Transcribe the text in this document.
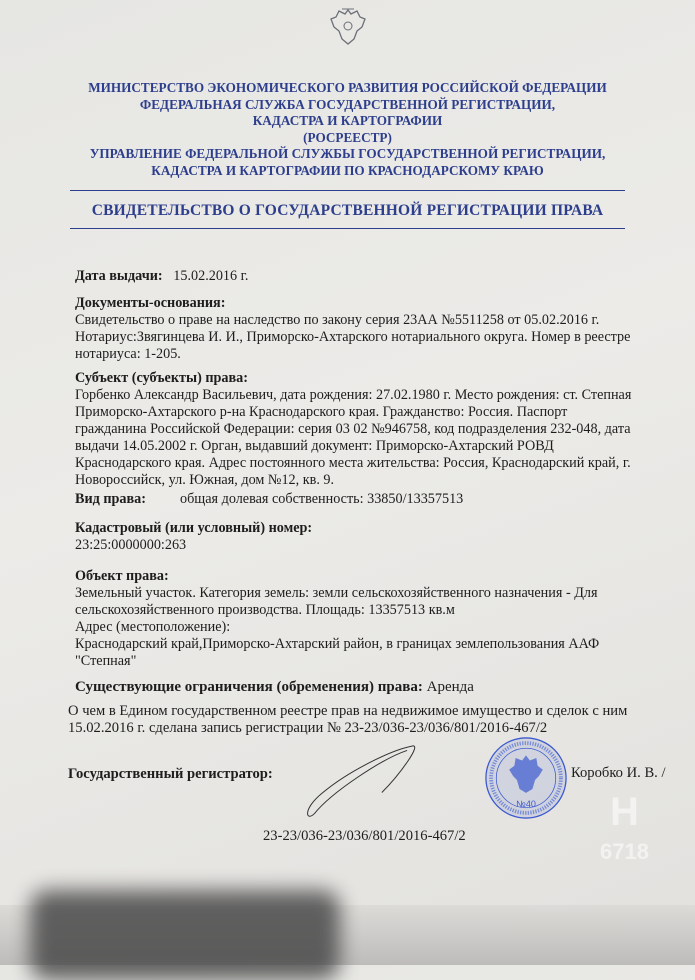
МИНИСТЕРСТВО ЭКОНОМИЧЕСКОГО РАЗВИТИЯ РОССИЙСКОЙ ФЕДЕРАЦИИ
ФЕДЕРАЛЬНАЯ СЛУЖБА ГОСУДАРСТВЕННОЙ РЕГИСТРАЦИИ,
КАДАСТРА И КАРТОГРАФИИ
(РОСРЕЕСТР)
УПРАВЛЕНИЕ ФЕДЕРАЛЬНОЙ СЛУЖБЫ ГОСУДАРСТВЕННОЙ РЕГИСТРАЦИИ,
КАДАСТРА И КАРТОГРАФИИ ПО КРАСНОДАРСКОМУ КРАЮ
СВИДЕТЕЛЬСТВО О ГОСУДАРСТВЕННОЙ РЕГИСТРАЦИИ ПРАВА
Дата выдачи: 15.02.2016 г.
Документы-основания:
Свидетельство о праве на наследство по закону серия 23АА №5511258 от 05.02.2016 г.
Нотариус:Звягинцева И. И., Приморско-Ахтарского нотариального округа. Номер в реестре
нотариуса: 1-205.
Субъект (субъекты) права:
Горбенко Александр Васильевич, дата рождения: 27.02.1980 г. Место рождения: ст. Степная
Приморско-Ахтарского р-на Краснодарского края. Гражданство: Россия. Паспорт
гражданина Российской Федерации: серия 03 02 №946758, код подразделения 232-048, дата
выдачи 14.05.2002 г. Орган, выдавший документ: Приморско-Ахтарский РОВД
Краснодарского края. Адрес постоянного места жительства: Россия, Краснодарский край, г.
Новороссийск, ул. Южная, дом №12, кв. 9.
Вид права: общая долевая собственность: 33850/13357513
Кадастровый (или условный) номер:
23:25:0000000:263
Объект права:
Земельный участок. Категория земель: земли сельскохозяйственного назначения - Для
сельскохозяйственного производства. Площадь: 13357513 кв.м
Адрес (местоположение):
Краснодарский край,Приморско-Ахтарский район, в границах землепользования ААФ
"Степная"
Существующие ограничения (обременения) права: Аренда
О чем в Едином государственном реестре прав на недвижимое имущество и сделок с ним
15.02.2016 г. сделана запись регистрации № 23-23/036-23/036/801/2016-467/2
Государственный регистратор:	Коробко И. В. /
23-23/036-23/036/801/2016-467/2
№40 H
6718
